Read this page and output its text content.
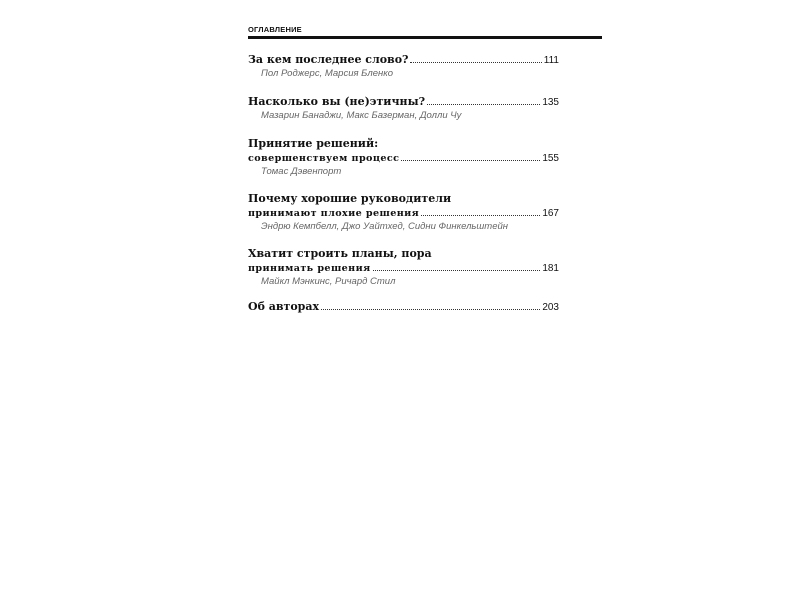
ОГЛАВЛЕНИЕ
За кем последнее слово?	111
Пол Роджерс, Марсия Бленко
Насколько вы (не)этичны?	135
Мазарин Банаджи, Макс Базерман, Долли Чу
Принятие решений:
совершенствуем процесс	155
Томас Дэвенпорт
Почему хорошие руководители
принимают плохие решения	167
Эндрю Кемпбелл, Джо Уайтхед, Сидни Финкельштейн
Хватит строить планы, пора
принимать решения	181
Майкл Мэнкинс, Ричард Стил
Об авторах	203
